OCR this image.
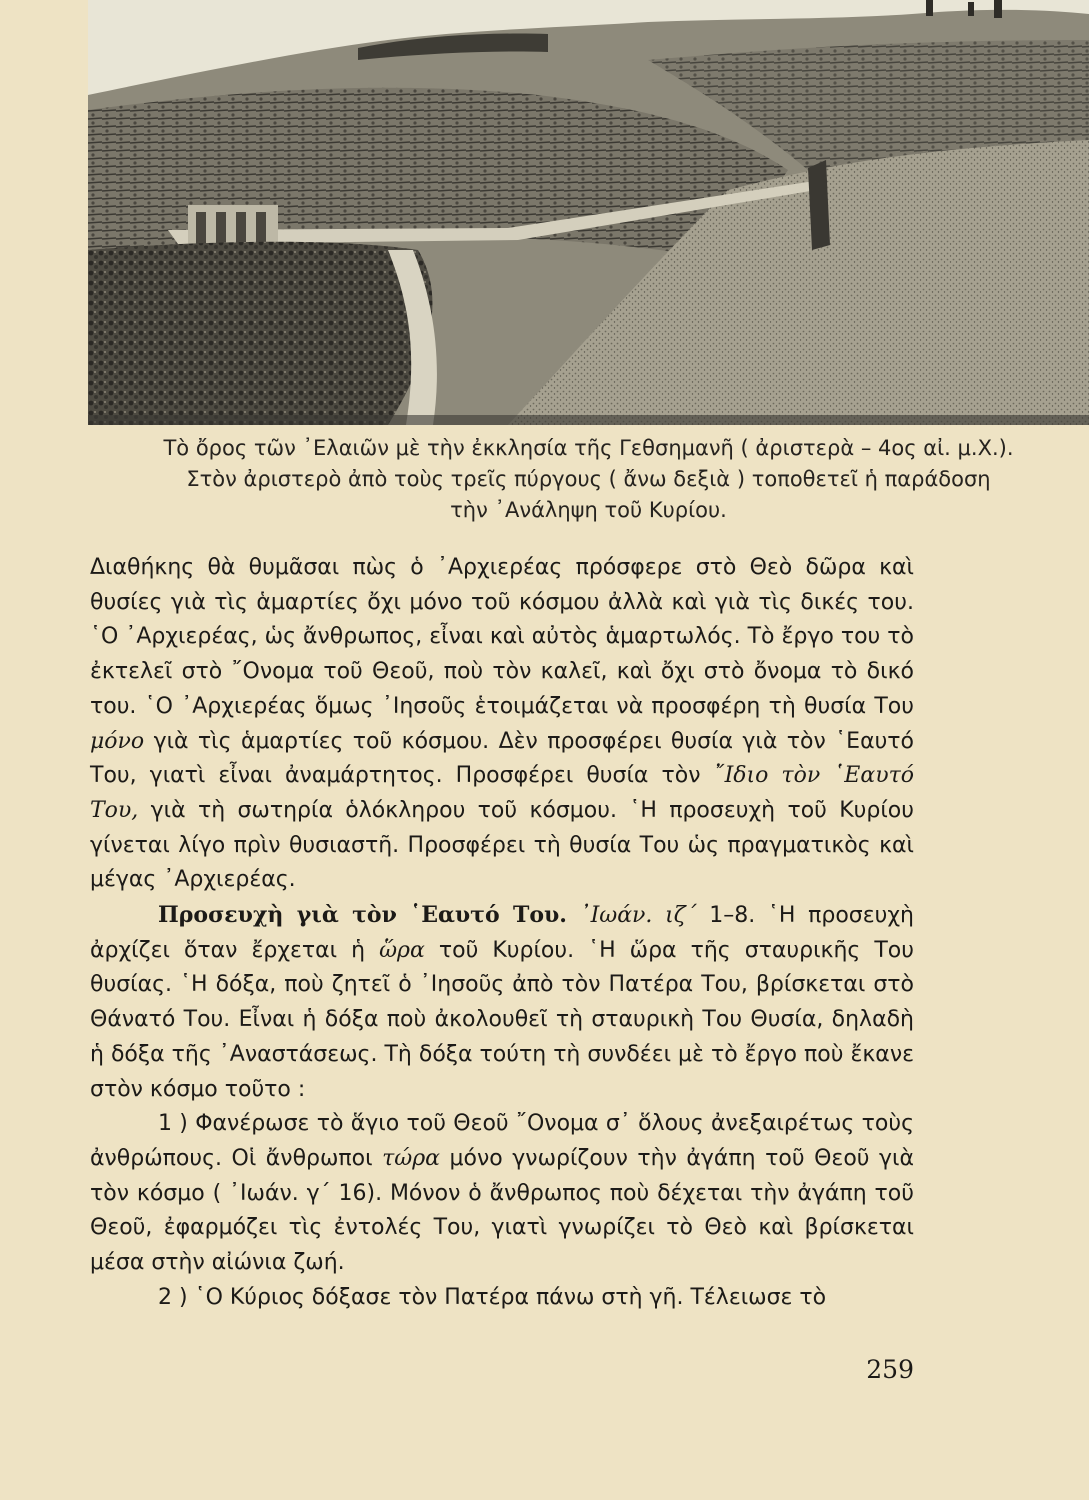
Τὸ ὄρος τῶν ᾿Ελαιῶν μὲ τὴν ἐκκλησία τῆς Γεθσημανῆ ( ἀριστερὰ – 4ος αἰ. μ.Χ.).
Στὸν ἀριστερὸ ἀπὸ τοὺς τρεῖς πύργους ( ἄνω δεξιὰ ) τοποθετεῖ ἡ παράδοση
τὴν ᾿Ανάληψη τοῦ Κυρίου.

Διαθήκης θὰ θυμᾶσαι πὼς ὁ ᾿Αρχιερέας πρόσφερε στὸ Θεὸ δῶρα καὶ θυσίες γιὰ τὶς ἁμαρτίες ὄχι μόνο τοῦ κόσμου ἀλλὰ καὶ γιὰ τὶς δικές του. ῾Ο ᾿Αρχιερέας, ὡς ἄνθρωπος, εἶναι καὶ αὐτὸς ἁμαρτωλός. Τὸ ἔργο του τὸ ἐκτελεῖ στὸ ῎Ονομα τοῦ Θεοῦ, ποὺ τὸν καλεῖ, καὶ ὄχι στὸ ὄνομα τὸ δικό του. ῾Ο ᾿Αρχιερέας ὅμως ᾿Ιησοῦς ἑτοιμάζεται νὰ προσφέρη τὴ θυσία Του μόνο γιὰ τὶς ἁμαρτίες τοῦ κόσμου. Δὲν προσφέρει θυσία γιὰ τὸν ῾Εαυτό Του, γιατὶ εἶναι ἀναμάρτητος. Προσφέρει θυσία τὸν ῎Ιδιο τὸν ῾Εαυτό Του, γιὰ τὴ σωτηρία ὁλόκληρου τοῦ κόσμου. ῾Η προσευχὴ τοῦ Κυρίου γίνεται λίγο πρὶν θυσιαστῆ. Προσφέρει τὴ θυσία Του ὡς πραγματικὸς καὶ μέγας ᾿Αρχιερέας.

Προσευχὴ γιὰ τὸν ῾Εαυτό Του. ᾿Ιωάν. ιζ΄ 1–8. ῾Η προσευχὴ ἀρχίζει ὅταν ἔρχεται ἡ ὥρα τοῦ Κυρίου. ῾Η ὥρα τῆς σταυρικῆς Του θυσίας. ῾Η δόξα, ποὺ ζητεῖ ὁ ᾿Ιησοῦς ἀπὸ τὸν Πατέρα Του, βρίσκεται στὸ Θάνατό Του. Εἶναι ἡ δόξα ποὺ ἀκολουθεῖ τὴ σταυρικὴ Του Θυσία, δηλαδὴ ἡ δόξα τῆς ᾿Αναστάσεως. Τὴ δόξα τούτη τὴ συνδέει μὲ τὸ ἔργο ποὺ ἔκανε στὸν κόσμο τοῦτο :

1 ) Φανέρωσε τὸ ἅγιο τοῦ Θεοῦ ῎Ονομα σ᾿ ὅλους ἀνεξαιρέτως τοὺς ἀνθρώπους. Οἱ ἄνθρωποι τώρα μόνο γνωρίζουν τὴν ἀγάπη τοῦ Θεοῦ γιὰ τὸν κόσμο ( ᾿Ιωάν. γ΄ 16). Μόνον ὁ ἄνθρωπος ποὺ δέχεται τὴν ἀγάπη τοῦ Θεοῦ, ἐφαρμόζει τὶς ἐντολές Του, γιατὶ γνωρίζει τὸ Θεὸ καὶ βρίσκεται μέσα στὴν αἰώνια ζωή.

2 ) ῾Ο Κύριος δόξασε τὸν Πατέρα πάνω στὴ γῆ. Τέλειωσε τὸ

259
